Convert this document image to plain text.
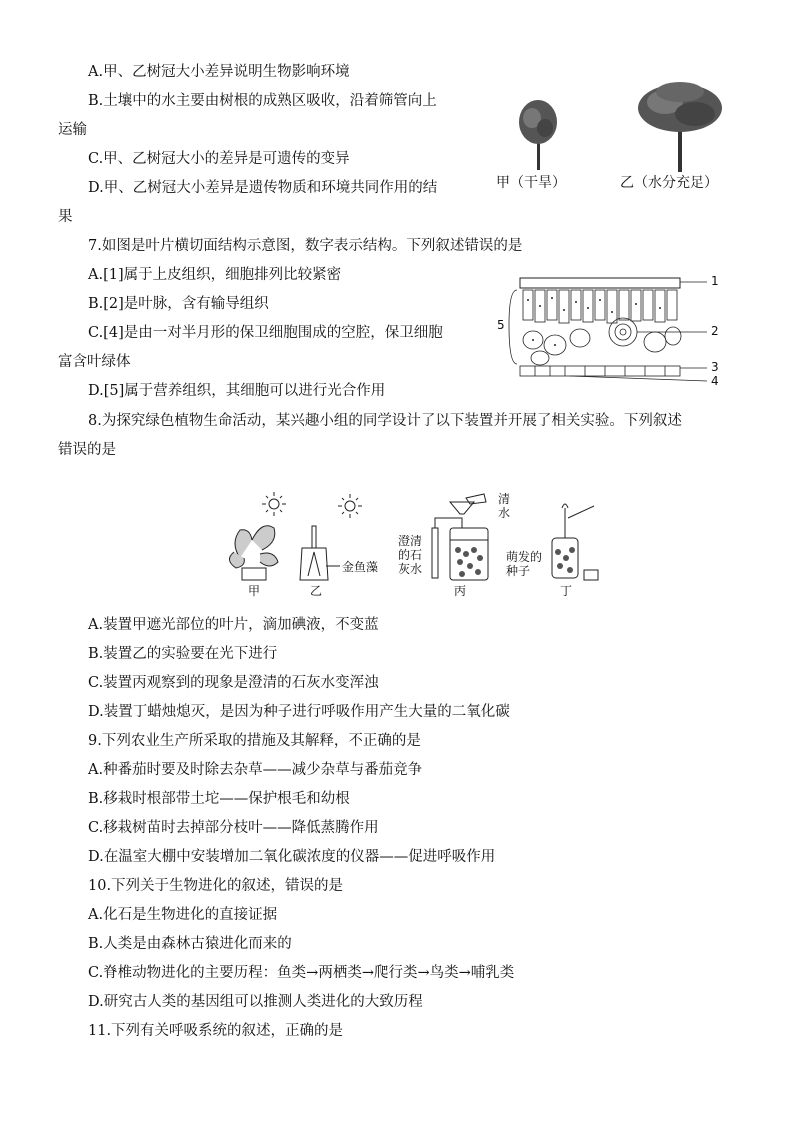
A.甲、乙树冠大小差异说明生物影响环境
B.土壤中的水主要由树根的成熟区吸收，沿着筛管向上
运输
C.甲、乙树冠大小的差异是可遗传的变异
D.甲、乙树冠大小差异是遗传物质和环境共同作用的结
果
甲（干旱）	乙（水分充足）
7.如图是叶片横切面结构示意图，数字表示结构。下列叙述错误的是
A.[1]属于上皮组织，细胞排列比较紧密
B.[2]是叶脉，含有输导组织
C.[4]是由一对半月形的保卫细胞围成的空腔，保卫细胞
富含叶绿体
D.[5]属于营养组织，其细胞可以进行光合作用
1
2
3
4
5
8.为探究绿色植物生命活动，某兴趣小组的同学设计了以下装置并开展了相关实验。下列叙述
错误的是
甲	乙	丙	丁
金鱼藻
澄清
的石
灰水
清
水
萌发的
种子
A.装置甲遮光部位的叶片，滴加碘液，不变蓝
B.装置乙的实验要在光下进行
C.装置丙观察到的现象是澄清的石灰水变浑浊
D.装置丁蜡烛熄灭，是因为种子进行呼吸作用产生大量的二氧化碳
9.下列农业生产所采取的措施及其解释，不正确的是
A.种番茄时要及时除去杂草——减少杂草与番茄竞争
B.移栽时根部带土坨——保护根毛和幼根
C.移栽树苗时去掉部分枝叶——降低蒸腾作用
D.在温室大棚中安装增加二氧化碳浓度的仪器——促进呼吸作用
10.下列关于生物进化的叙述，错误的是
A.化石是生物进化的直接证据
B.人类是由森林古猿进化而来的
C.脊椎动物进化的主要历程：鱼类→两栖类→爬行类→鸟类→哺乳类
D.研究古人类的基因组可以推测人类进化的大致历程
11.下列有关呼吸系统的叙述，正确的是
